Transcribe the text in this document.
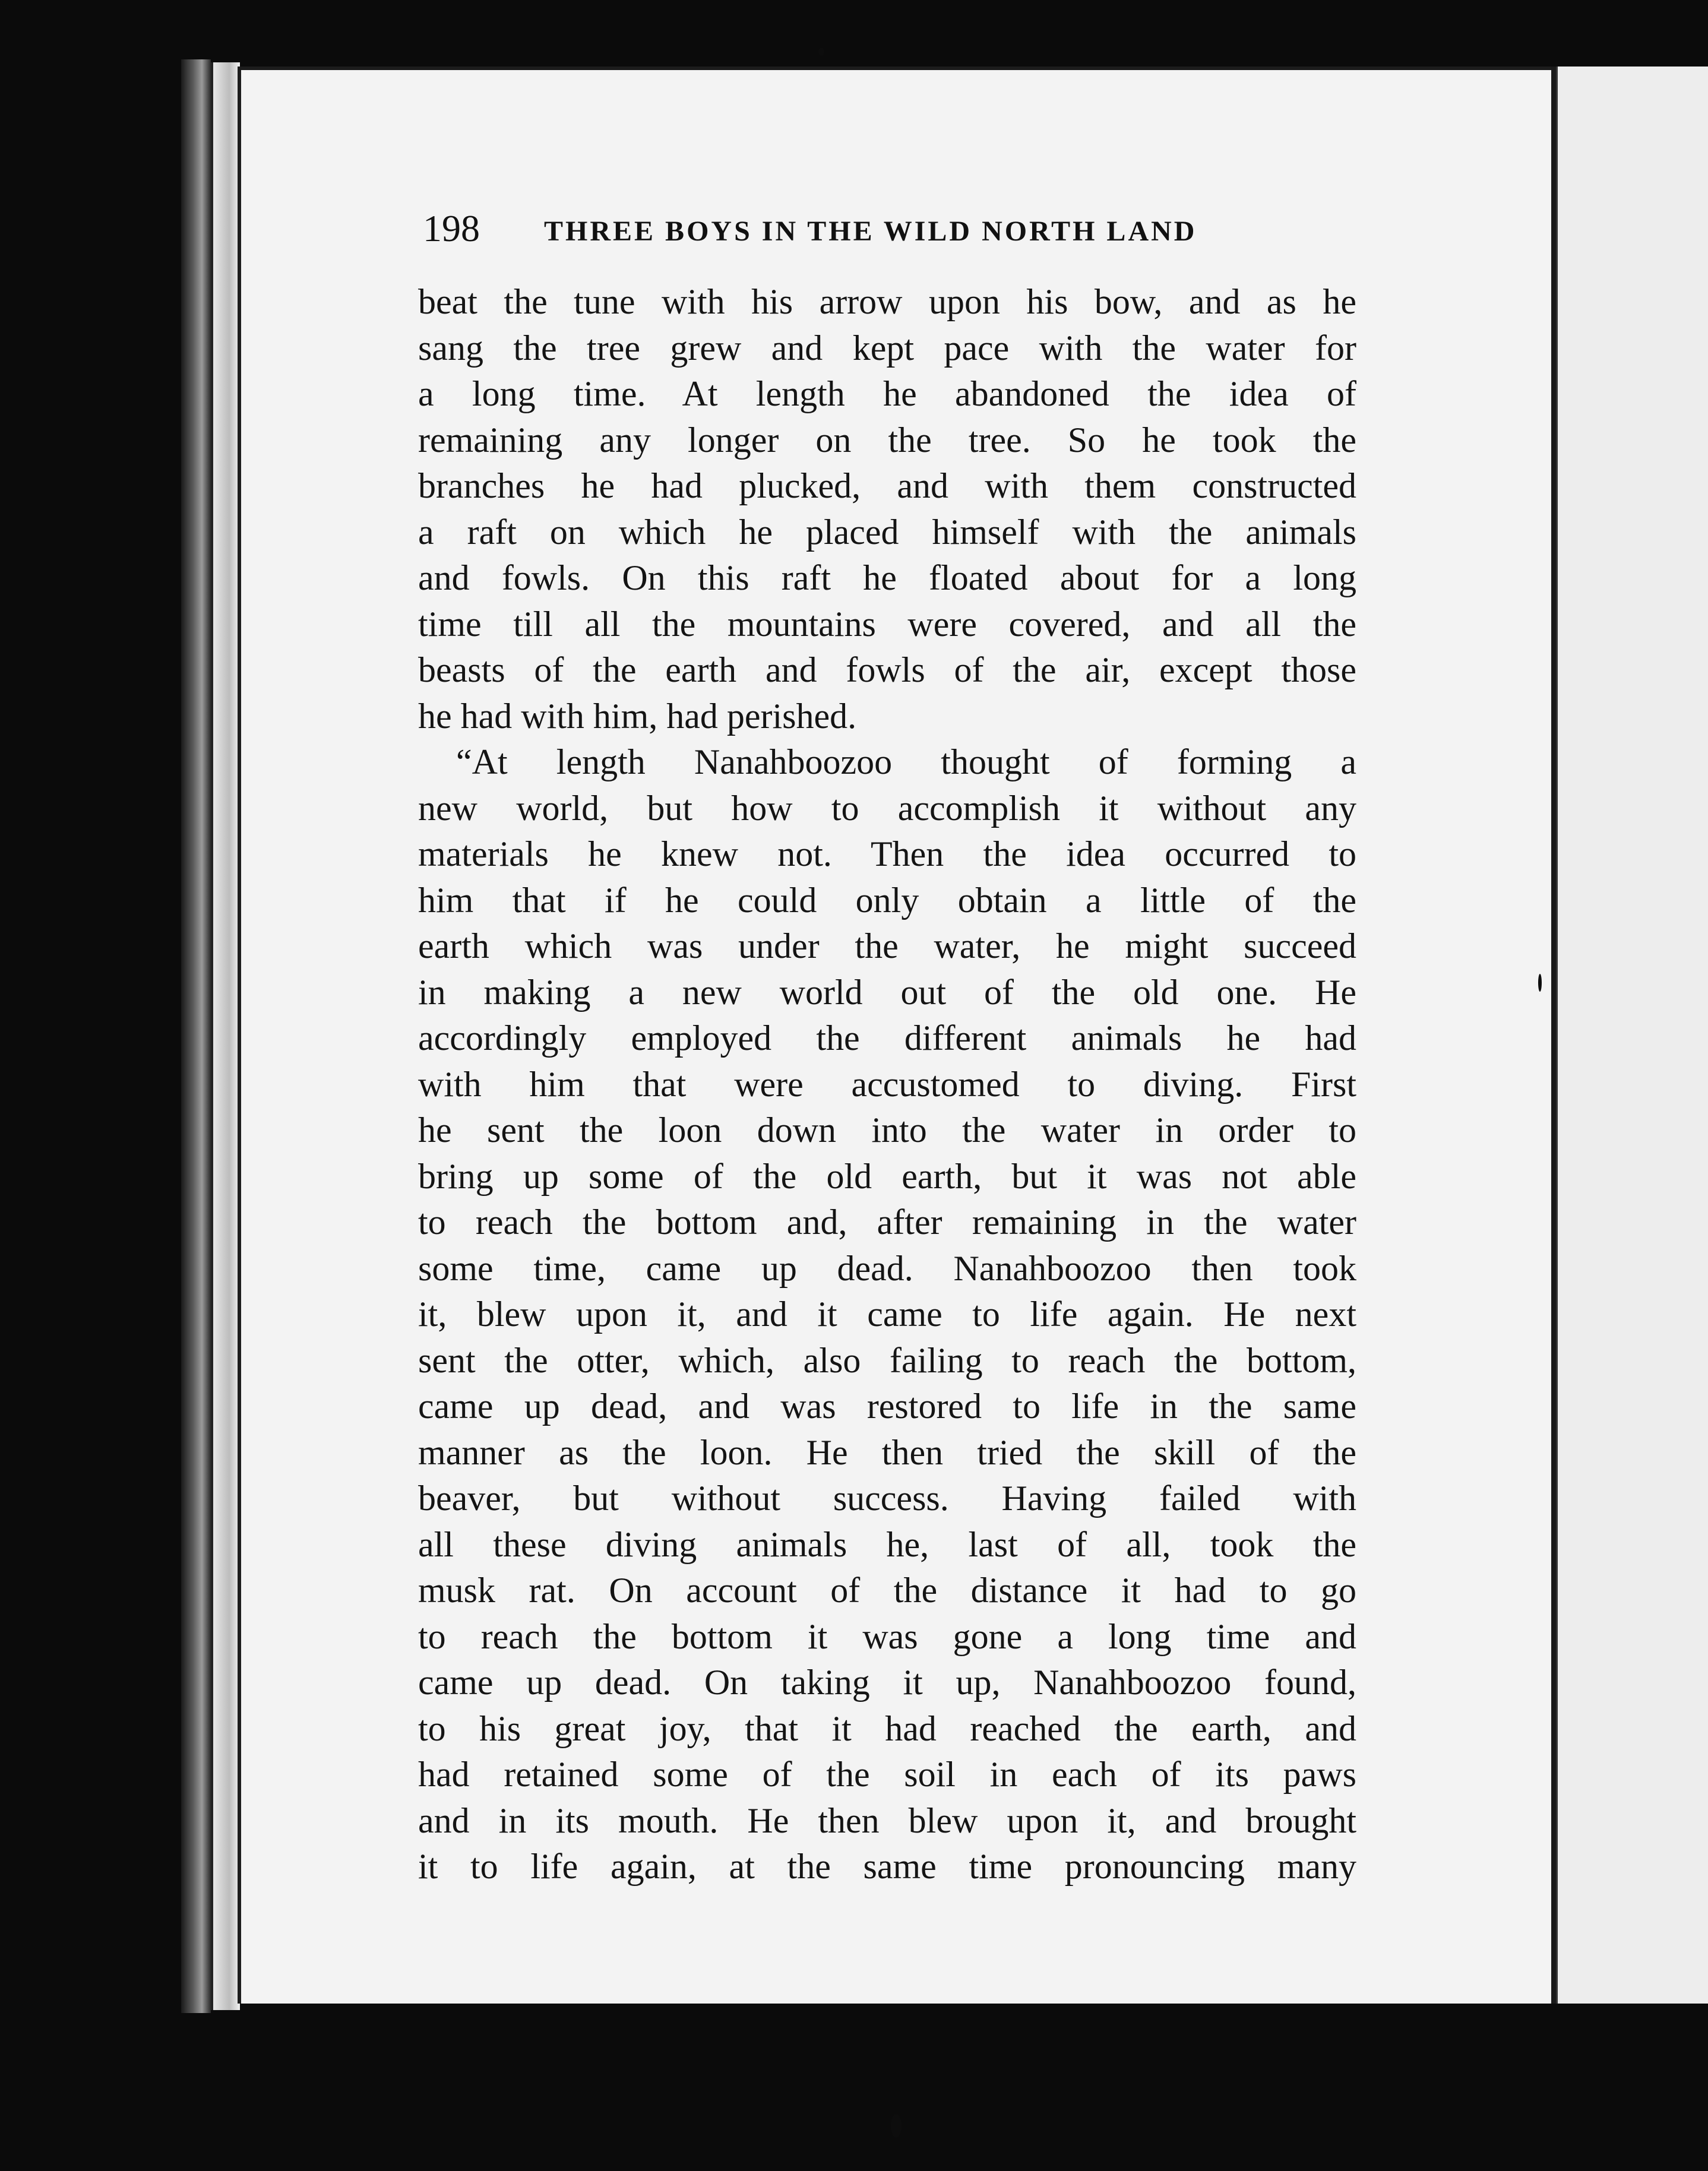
198 THREE BOYS IN THE WILD NORTH LAND
beat the tune with his arrow upon his bow, and as he
sang the tree grew and kept pace with the water for
a long time. At length he abandoned the idea of
remaining any longer on the tree. So he took the
branches he had plucked, and with them constructed
a raft on which he placed himself with the animals
and fowls. On this raft he floated about for a long
time till all the mountains were covered, and all the
beasts of the earth and fowls of the air, except those
he had with him, had perished.
“At length Nanahboozoo thought of forming a
new world, but how to accomplish it without any
materials he knew not. Then the idea occurred to
him that if he could only obtain a little of the
earth which was under the water, he might succeed
in making a new world out of the old one. He
accordingly employed the different animals he had
with him that were accustomed to diving. First
he sent the loon down into the water in order to
bring up some of the old earth, but it was not able
to reach the bottom and, after remaining in the water
some time, came up dead. Nanahboozoo then took
it, blew upon it, and it came to life again. He next
sent the otter, which, also failing to reach the bottom,
came up dead, and was restored to life in the same
manner as the loon. He then tried the skill of the
beaver, but without success. Having failed with
all these diving animals he, last of all, took the
musk rat. On account of the distance it had to go
to reach the bottom it was gone a long time and
came up dead. On taking it up, Nanahboozoo found,
to his great joy, that it had reached the earth, and
had retained some of the soil in each of its paws
and in its mouth. He then blew upon it, and brought
it to life again, at the same time pronouncing many
